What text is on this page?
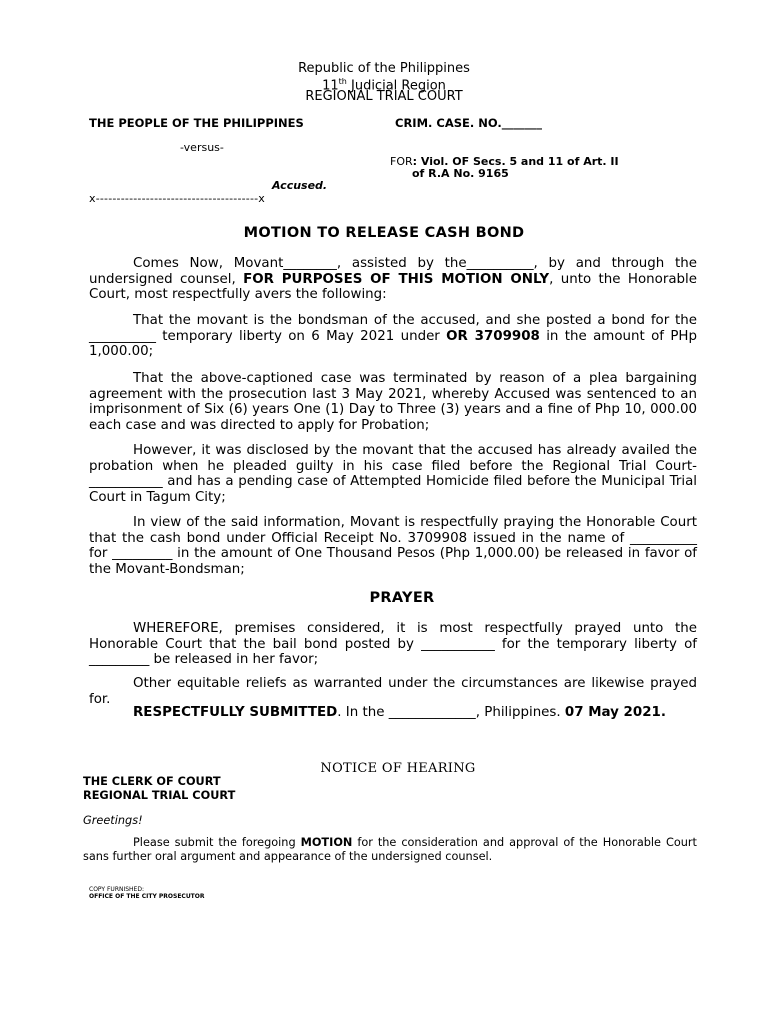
Republic of the Philippines
11th Judicial Region
REGIONAL TRIAL COURT
THE PEOPLE OF THE PHILIPPINES	CRIM. CASE. NO._______
-versus-
FOR: Viol. OF Secs. 5 and 11 of Art. II
of R.A No. 9165
Accused.
x---------------------------------------x
MOTION TO RELEASE CASH BOND
Comes Now, Movant________, assisted by the__________, by and through the undersigned counsel, FOR PURPOSES OF THIS MOTION ONLY, unto the Honorable Court, most respectfully avers the following:
That the movant is the bondsman of the accused, and she posted a bond for the __________ temporary liberty on 6 May 2021 under OR 3709908 in the amount of PHp 1,000.00;
That the above-captioned case was terminated by reason of a plea bargaining agreement with the prosecution last 3 May 2021, whereby Accused was sentenced to an imprisonment of Six (6) years One (1) Day to Three (3) years and a fine of Php 10, 000.00 each case and was directed to apply for Probation;
However, it was disclosed by the movant that the accused has already availed the probation when he pleaded guilty in his case filed before the Regional Trial Court-___________ and has a pending case of Attempted Homicide filed before the Municipal Trial Court in Tagum City;
In view of the said information, Movant is respectfully praying the Honorable Court that the cash bond under Official Receipt No. 3709908 issued in the name of __________ for _________ in the amount of One Thousand Pesos (Php 1,000.00) be released in favor of the Movant-Bondsman;
PRAYER
WHEREFORE, premises considered, it is most respectfully prayed unto the Honorable Court that the bail bond posted by ___________ for the temporary liberty of _________ be released in her favor;
Other equitable reliefs as warranted under the circumstances are likewise prayed for.
RESPECTFULLY SUBMITTED. In the _____________, Philippines. 07 May 2021.
NOTICE OF HEARING
THE CLERK OF COURT
REGIONAL TRIAL COURT
Greetings!
Please submit the foregoing MOTION for the consideration and approval of the Honorable Court sans further oral argument and appearance of the undersigned counsel.
COPY FURNISHED:
OFFICE OF THE CITY PROSECUTOR
